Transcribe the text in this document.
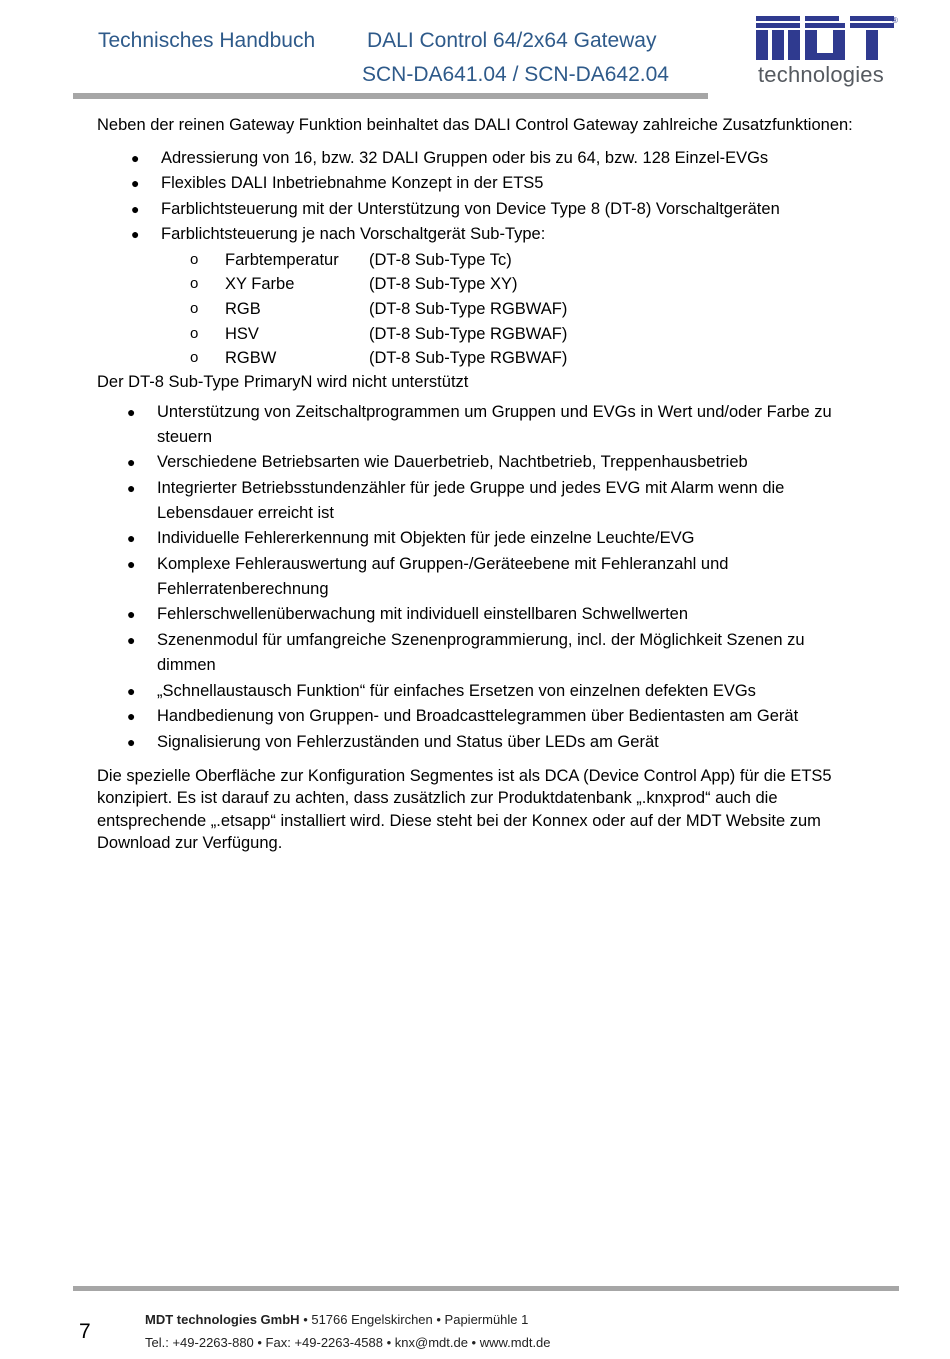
Technisches Handbuch DALI Control 64/2x64 Gateway
SCN-DA641.04 / SCN-DA642.04
®
technologies

Neben der reinen Gateway Funktion beinhaltet das DALI Control Gateway zahlreiche Zusatzfunktionen:

● Adressierung von 16, bzw. 32 DALI Gruppen oder bis zu 64, bzw. 128 Einzel-EVGs
● Flexibles DALI Inbetriebnahme Konzept in der ETS5
● Farblichtsteuerung mit der Unterstützung von Device Type 8 (DT-8) Vorschaltgeräten
● Farblichtsteuerung je nach Vorschaltgerät Sub-Type:
o Farbtemperatur (DT-8 Sub-Type Tc)
o XY Farbe	(DT-8 Sub-Type XY)
o RGB	(DT-8 Sub-Type RGBWAF)
o HSV	(DT-8 Sub-Type RGBWAF)
o RGBW	(DT-8 Sub-Type RGBWAF)

Der DT-8 Sub-Type PrimaryN wird nicht unterstützt

● Unterstützung von Zeitschaltprogrammen um Gruppen und EVGs in Wert und/oder Farbe zu steuern
● Verschiedene Betriebsarten wie Dauerbetrieb, Nachtbetrieb, Treppenhausbetrieb
● Integrierter Betriebsstundenzähler für jede Gruppe und jedes EVG mit Alarm wenn die Lebensdauer erreicht ist
● Individuelle Fehlererkennung mit Objekten für jede einzelne Leuchte/EVG
● Komplexe Fehlerauswertung auf Gruppen-/Geräteebene mit Fehleranzahl und Fehlerratenberechnung
● Fehlerschwellenüberwachung mit individuell einstellbaren Schwellwerten
● Szenenmodul für umfangreiche Szenenprogrammierung, incl. der Möglichkeit Szenen zu dimmen
● „Schnellaustausch Funktion“ für einfaches Ersetzen von einzelnen defekten EVGs
● Handbedienung von Gruppen- und Broadcasttelegrammen über Bedientasten am Gerät
● Signalisierung von Fehlerzuständen und Status über LEDs am Gerät

Die spezielle Oberfläche zur Konfiguration Segmentes ist als DCA (Device Control App) für die ETS5 konzipiert. Es ist darauf zu achten, dass zusätzlich zur Produktdatenbank „.knxprod“ auch die entsprechende „.etsapp“ installiert wird. Diese steht bei der Konnex oder auf der MDT Website zum Download zur Verfügung.

7
MDT technologies GmbH • 51766 Engelskirchen • Papiermühle 1
Tel.: +49-2263-880 • Fax: +49-2263-4588 • knx@mdt.de • www.mdt.de
